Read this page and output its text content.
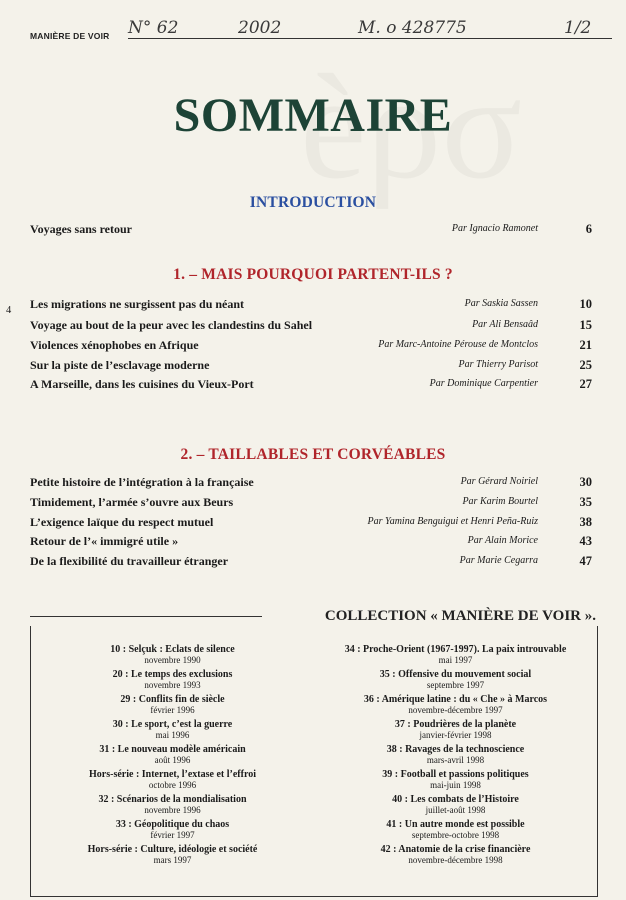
MANIÈRE DE VOIR N° 62	2002	M. o 428775	1/2
SOMMAIRE
4
INTRODUCTION
Voyages sans retour	Par Ignacio Ramonet	6
1. – MAIS POURQUOI PARTENT-ILS ?
Les migrations ne surgissent pas du néant	Par Saskia Sassen	10
Voyage au bout de la peur avec les clandestins du Sahel	Par Ali Bensaâd	15
Violences xénophobes en Afrique	Par Marc-Antoine Pérouse de Montclos	21
Sur la piste de l’esclavage moderne	Par Thierry Parisot	25
A Marseille, dans les cuisines du Vieux-Port	Par Dominique Carpentier	27
2. – TAILLABLES ET CORVÉABLES
Petite histoire de l’intégration à la française	Par Gérard Noiriel	30
Timidement, l’armée s’ouvre aux Beurs	Par Karim Bourtel	35
L’exigence laïque du respect mutuel	Par Yamina Benguigui et Henri Peña-Ruiz	38
Retour de l’« immigré utile »	Par Alain Morice	43
De la flexibilité du travailleur étranger	Par Marie Cegarra	47
COLLECTION « MANIÈRE DE VOIR ».
10 : Selçuk : Eclats de silence
novembre 1990
20 : Le temps des exclusions
novembre 1993
29 : Conflits fin de siècle
février 1996
30 : Le sport, c’est la guerre
mai 1996
31 : Le nouveau modèle américain
août 1996
Hors-série : Internet, l’extase et l’effroi
octobre 1996
32 : Scénarios de la mondialisation
novembre 1996
33 : Géopolitique du chaos
février 1997
Hors-série : Culture, idéologie et société
mars 1997
34 : Proche-Orient (1967-1997). La paix introuvable
mai 1997
35 : Offensive du mouvement social
septembre 1997
36 : Amérique latine : du « Che » à Marcos
novembre-décembre 1997
37 : Poudrières de la planète
janvier-février 1998
38 : Ravages de la technoscience
mars-avril 1998
39 : Football et passions politiques
mai-juin 1998
40 : Les combats de l’Histoire
juillet-août 1998
41 : Un autre monde est possible
septembre-octobre 1998
42 : Anatomie de la crise financière
novembre-décembre 1998
